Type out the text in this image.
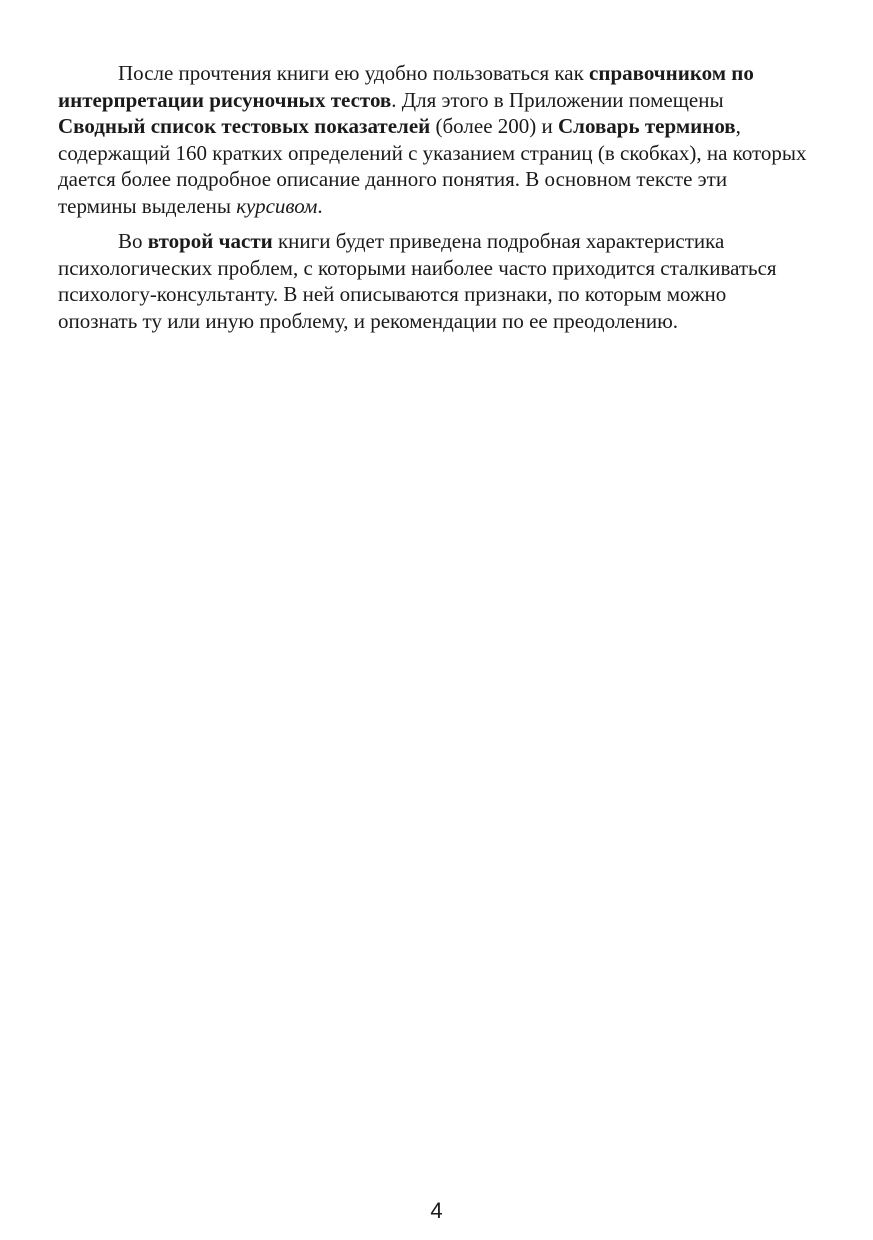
После прочтения книги ею удобно пользоваться как справочником по интерпретации рисуночных тестов. Для этого в Приложении помещены Сводный список тестовых показателей (более 200) и Словарь терминов, содержащий 160 кратких определений с указанием страниц (в скобках), на которых дается более подробное описание данного понятия. В основном тексте эти термины выделены курсивом.

Во второй части книги будет приведена подробная характеристика психологических проблем, с которыми наиболее часто приходится сталкиваться психологу-консультанту. В ней описываются признаки, по которым можно опознать ту или иную проблему, и рекомендации по ее преодолению.

4
